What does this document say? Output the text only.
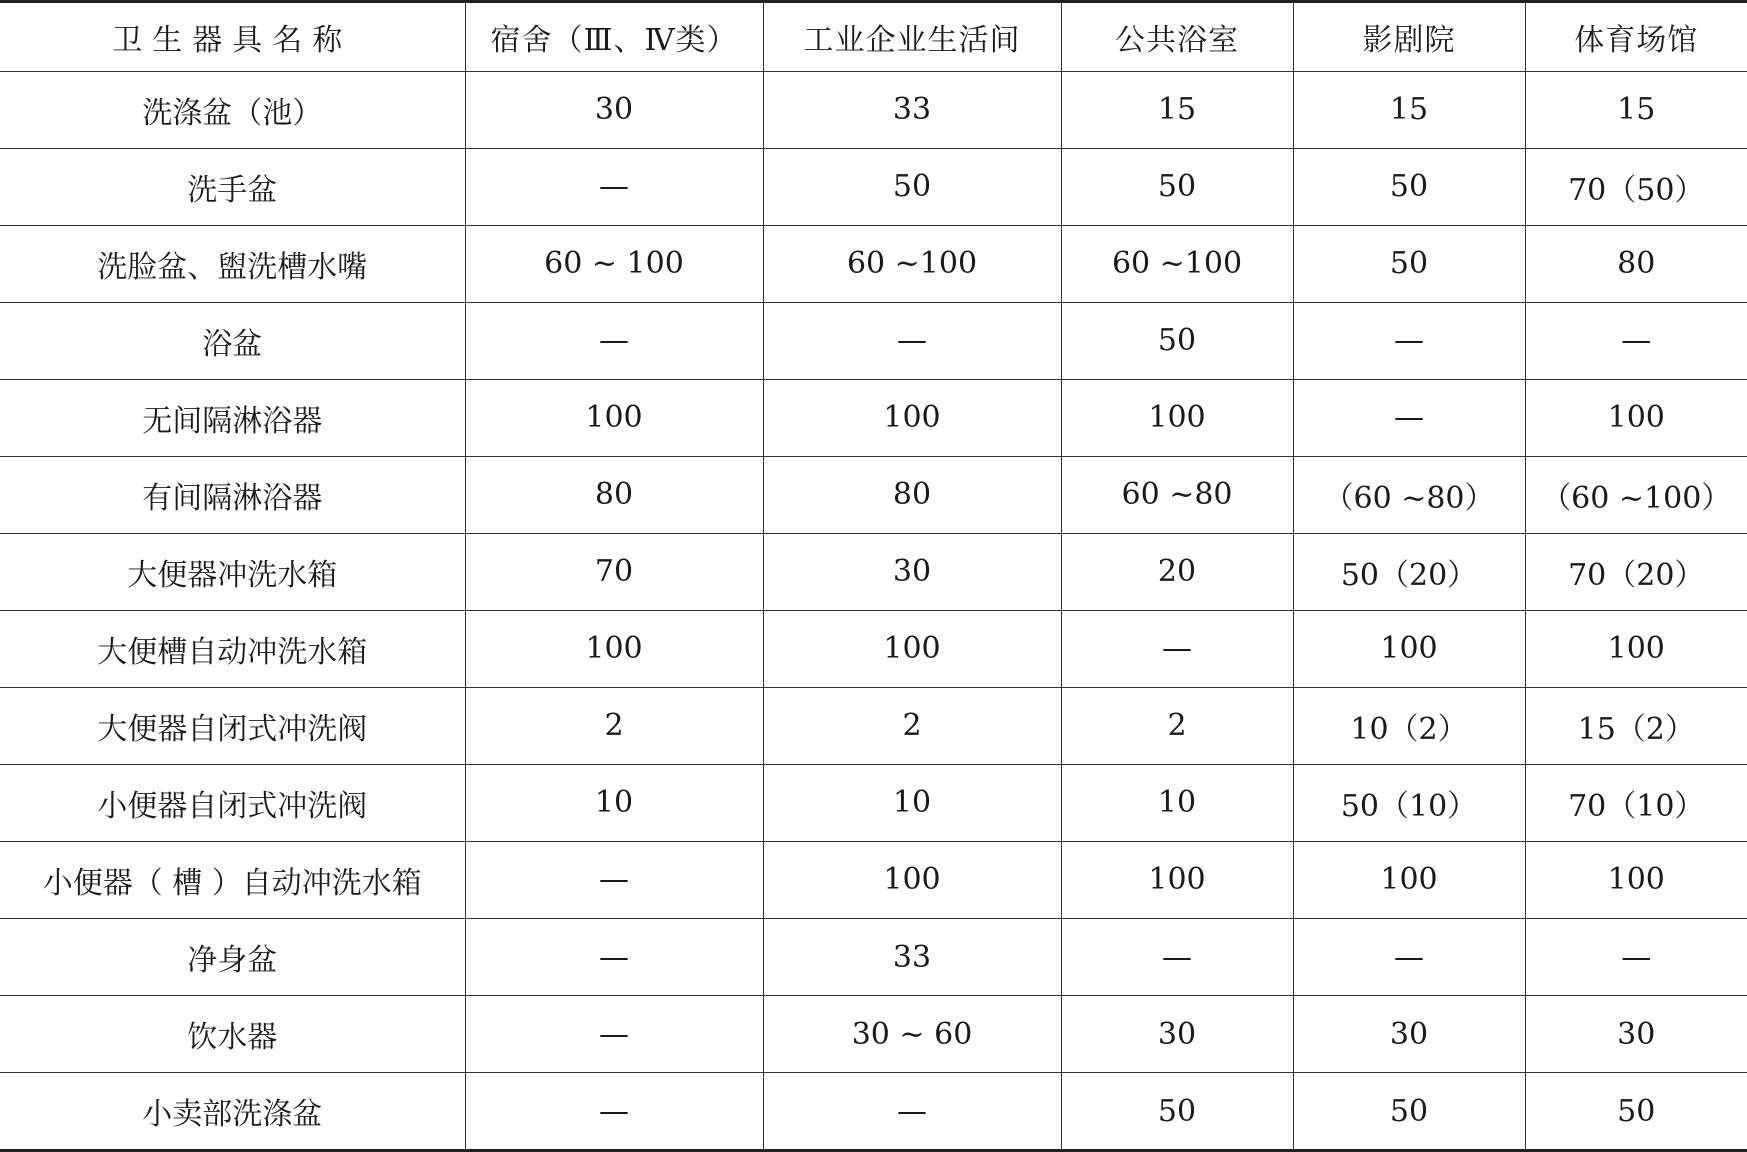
卫生器具名称	宿舍（Ⅲ、Ⅳ类）	工业企业生活间	公共浴室	影剧院	体育场馆
洗涤盆（池）	30	33	15	15	15
洗手盆	—	50	50	50	70（50）
洗脸盆、盥洗槽水嘴	60 ~ 100	60 ~100	60 ~100	50	80
浴盆	—	—	50	—	—
无间隔淋浴器	100	100	100	—	100
有间隔淋浴器	80	80	60 ~80	（60 ~80）	（60 ~100）
大便器冲洗水箱	70	30	20	50（20）	70（20）
大便槽自动冲洗水箱	100	100	—	100	100
大便器自闭式冲洗阀	2	2	2	10（2）	15（2）
小便器自闭式冲洗阀	10	10	10	50（10）	70（10）
小便器（ 槽 ）自动冲洗水箱	—	100	100	100	100
净身盆	—	33	—	—	—
饮水器	—	30 ~ 60	30	30	30
小卖部洗涤盆	—	—	50	50	50
